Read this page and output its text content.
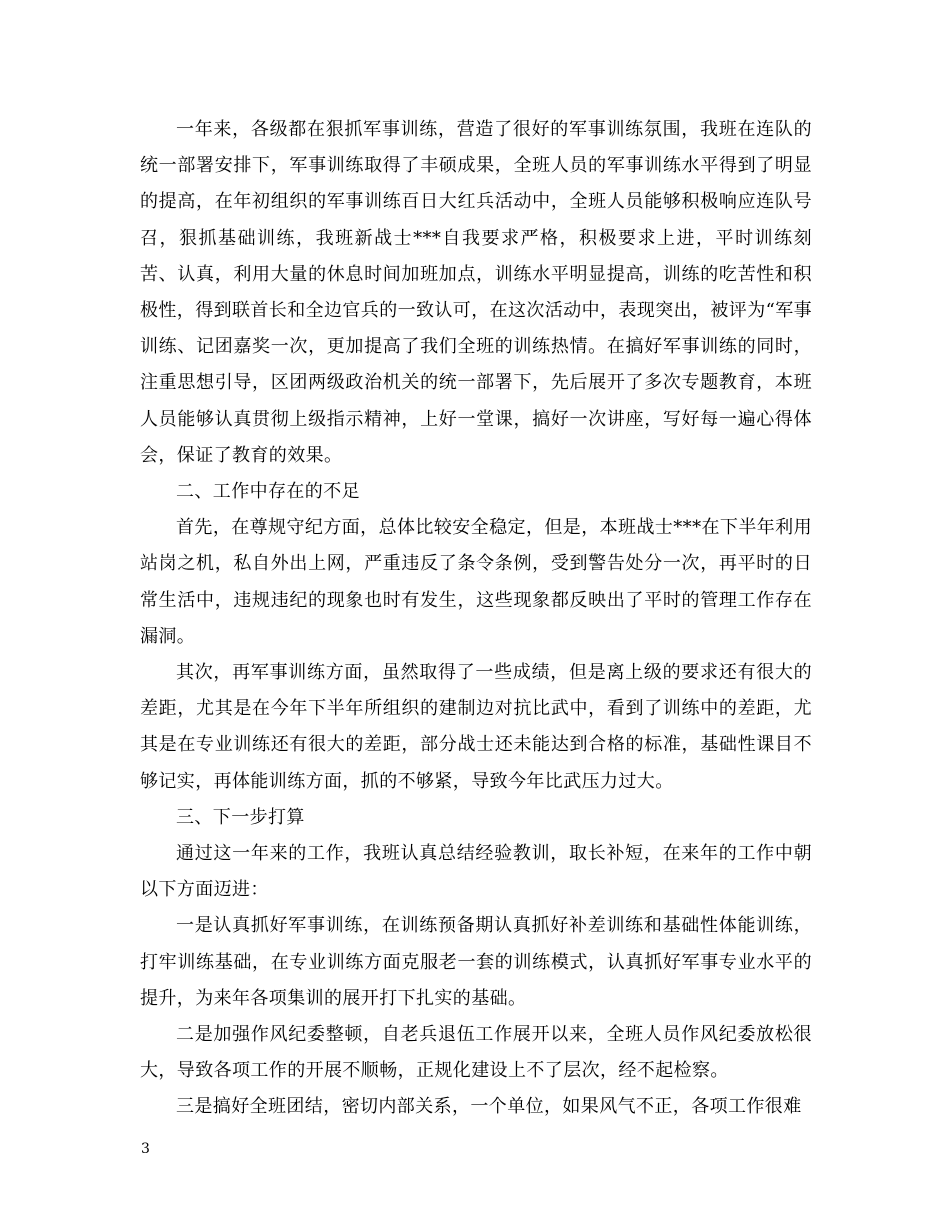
一年来，各级都在狠抓军事训练，营造了很好的军事训练氛围，我班在连队的统一部署安排下，军事训练取得了丰硕成果，全班人员的军事训练水平得到了明显的提高，在年初组织的军事训练百日大红兵活动中，全班人员能够积极响应连队号召，狠抓基础训练，我班新战士***自我要求严格，积极要求上进，平时训练刻苦、认真，利用大量的休息时间加班加点，训练水平明显提高，训练的吃苦性和积极性，得到联首长和全边官兵的一致认可，在这次活动中，表现突出，被评为“军事训练、记团嘉奖一次，更加提高了我们全班的训练热情。在搞好军事训练的同时，注重思想引导，区团两级政治机关的统一部署下，先后展开了多次专题教育，本班人员能够认真贯彻上级指示精神，上好一堂课，搞好一次讲座，写好每一遍心得体会，保证了教育的效果。

二、工作中存在的不足

首先，在尊规守纪方面，总体比较安全稳定，但是，本班战士***在下半年利用站岗之机，私自外出上网，严重违反了条令条例，受到警告处分一次，再平时的日常生活中，违规违纪的现象也时有发生，这些现象都反映出了平时的管理工作存在漏洞。

其次，再军事训练方面，虽然取得了一些成绩，但是离上级的要求还有很大的差距，尤其是在今年下半年所组织的建制边对抗比武中，看到了训练中的差距，尤其是在专业训练还有很大的差距，部分战士还未能达到合格的标准，基础性课目不够记实，再体能训练方面，抓的不够紧，导致今年比武压力过大。

三、下一步打算

通过这一年来的工作，我班认真总结经验教训，取长补短，在来年的工作中朝以下方面迈进：

一是认真抓好军事训练，在训练预备期认真抓好补差训练和基础性体能训练，打牢训练基础，在专业训练方面克服老一套的训练模式，认真抓好军事专业水平的提升，为来年各项集训的展开打下扎实的基础。

二是加强作风纪委整顿，自老兵退伍工作展开以来，全班人员作风纪委放松很大，导致各项工作的开展不顺畅，正规化建设上不了层次，经不起检察。

三是搞好全班团结，密切内部关系，一个单位，如果风气不正，各项工作很难

3
